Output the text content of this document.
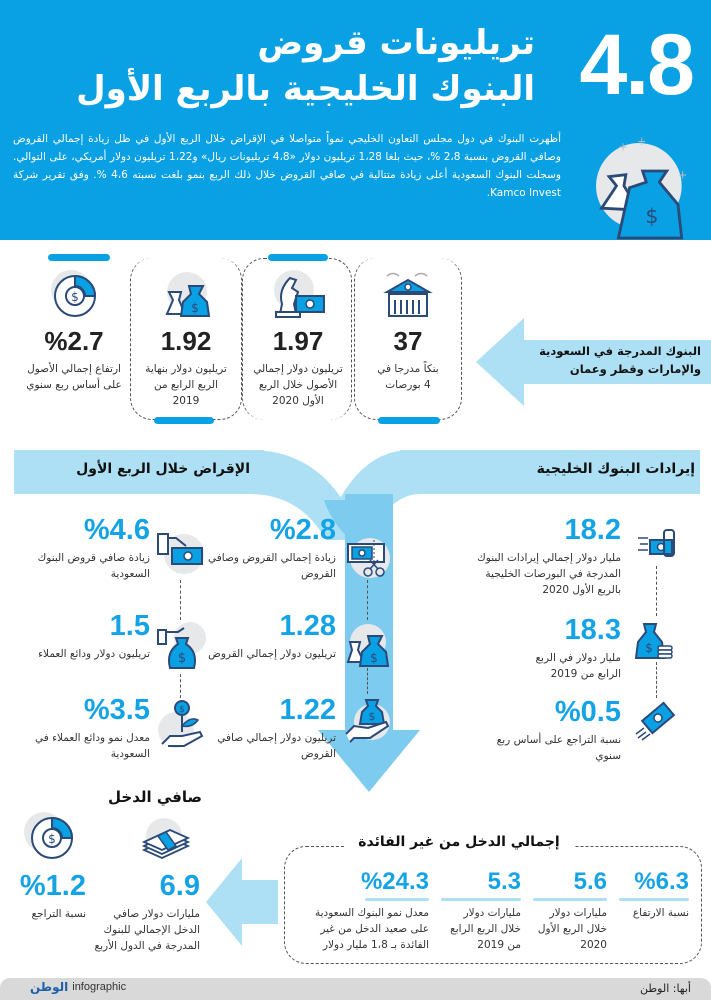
4.8
تريليونات قروض
البنوك الخليجية بالربع الأول
أظهرت البنوك في دول مجلس التعاون الخليجي نمواً متواصلا في الإقراض خلال الربع الأول في ظل زيادة إجمالي القروض وصافي القروض بنسبة 2،8 %، حيث بلغا 1،28 تريليون دولار «4،8 تريليونات ريال» و1،22 تريليون دولار أمريكي، على التوالي. وسجلت البنوك السعودية أعلى زيادة متتالية في صافي القروض خلال ذلك الربع بنمو بلغت نسبته 4،6 %. وفق تقرير شركة Kamco Invest.
$
+ +
+
البنوك المدرجة في السعودية والإمارات وقطر وعمان
37
بنكاً مدرجا في 4 بورصات
1.97
تريليون دولار إجمالي الأصول خلال الربع الأول 2020
$
1.92
تريليون دولار بنهاية الربع الرابع من 2019
$
%2.7
ارتفاع إجمالي الأصول على أساس ربع سنوي
إيرادات البنوك الخليجية
الإقراض خلال الربع الأول
$
18.2
مليار دولار إجمالي إيرادات البنوك المدرجة في البورصات الخليجية بالربع الأول 2020
18.3
مليار دولار في الربع الرابع من 2019
%0.5
نسبة التراجع على أساس ربع سنوي
$
$
%2.8
زيادة إجمالي القروض وصافي القروض
1.28
تريليون دولار إجمالي القروض
1.22
تريليون دولار إجمالي صافي القروض
$
$
%4.6
زيادة صافي قروض البنوك السعودية
1.5
تريليون دولار ودائع العملاء
%3.5
معدل نمو ودائع العملاء في السعودية
صافي الدخل
$
6.9
مليارات دولار صافي الدخل الإجمالي للبنوك المدرجة في الدول الأربع
%1.2
نسبة التراجع
إجمالي الدخل من غير الفائدة
%6.3
نسبة الارتفاع
5.6
مليارات دولار خلال الربع الأول 2020
5.3
مليارات دولار خلال الربع الرابع من 2019
%24.3
معدل نمو البنوك السعودية على صعيد الدخل من غير الفائدة بـ 1،8 مليار دولار
أبها: الوطن
الوطن infographic
